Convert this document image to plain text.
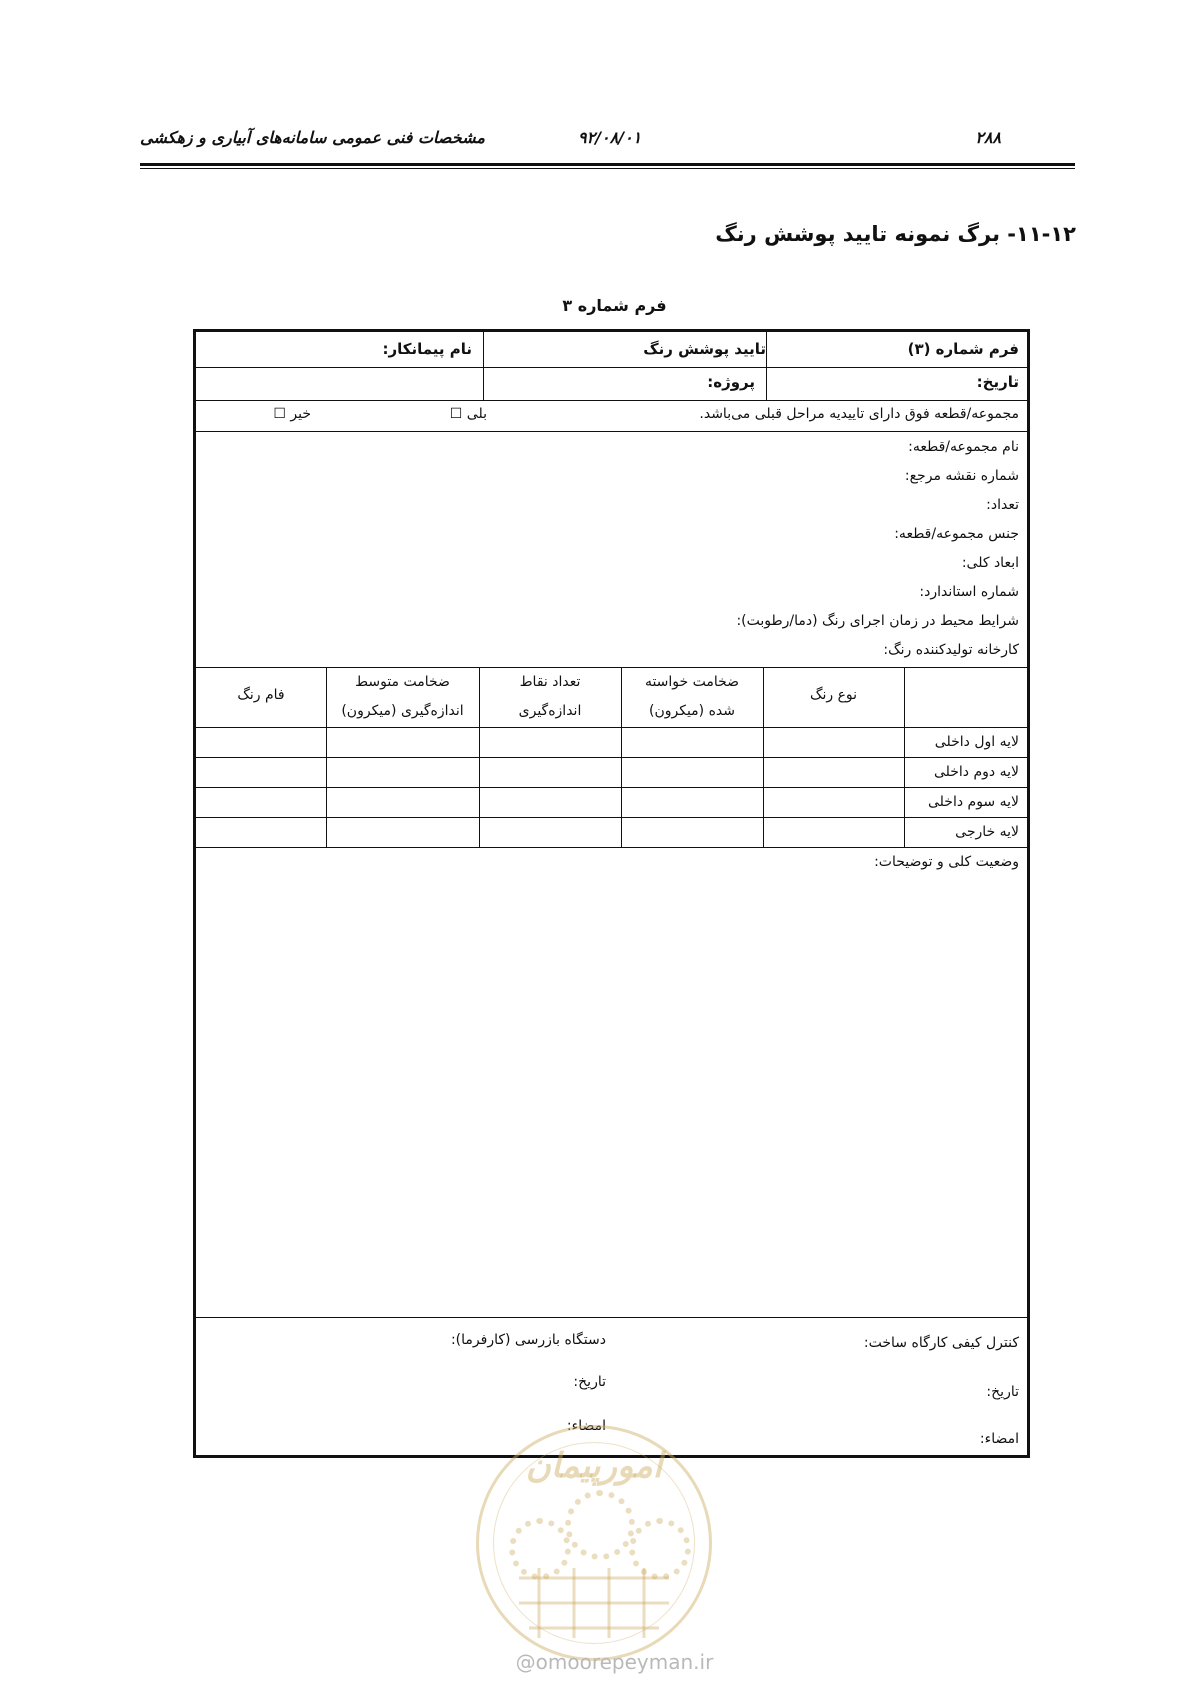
۲۸۸
۹۲/۰۸/۰۱
مشخصات فنی عمومی سامانه‌های آبیاری و زهکشی
۱۱-۱۲- برگ نمونه تایید پوشش رنگ
فرم شماره ۳
فرم شماره (۳)
تایید پوشش رنگ
نام پیمانکار:
تاریخ:
پروژه:
مجموعه/قطعه فوق دارای تاییدیه مراحل قبلی می‌باشد.
بلی ☐
خیر ☐
نام مجموعه/قطعه:
شماره نقشه مرجع:
تعداد:
جنس مجموعه/قطعه:
ابعاد کلی:
شماره استاندارد:
شرایط محیط در زمان اجرای رنگ (دما/رطوبت):
کارخانه تولیدکننده رنگ:
نوع رنگ
ضخامت خواسته
شده (میکرون)
تعداد نقاط
اندازه‌گیری
ضخامت متوسط
اندازه‌گیری (میکرون)
فام رنگ
لایه اول داخلی
لایه دوم داخلی
لایه سوم داخلی
لایه خارجی
وضعیت کلی و توضیحات:
کنترل کیفی کارگاه ساخت:
تاریخ:
امضاء:
دستگاه بازرسی (کارفرما):
تاریخ:
امضاء:
امورپیمان
@omoorepeyman.ir
